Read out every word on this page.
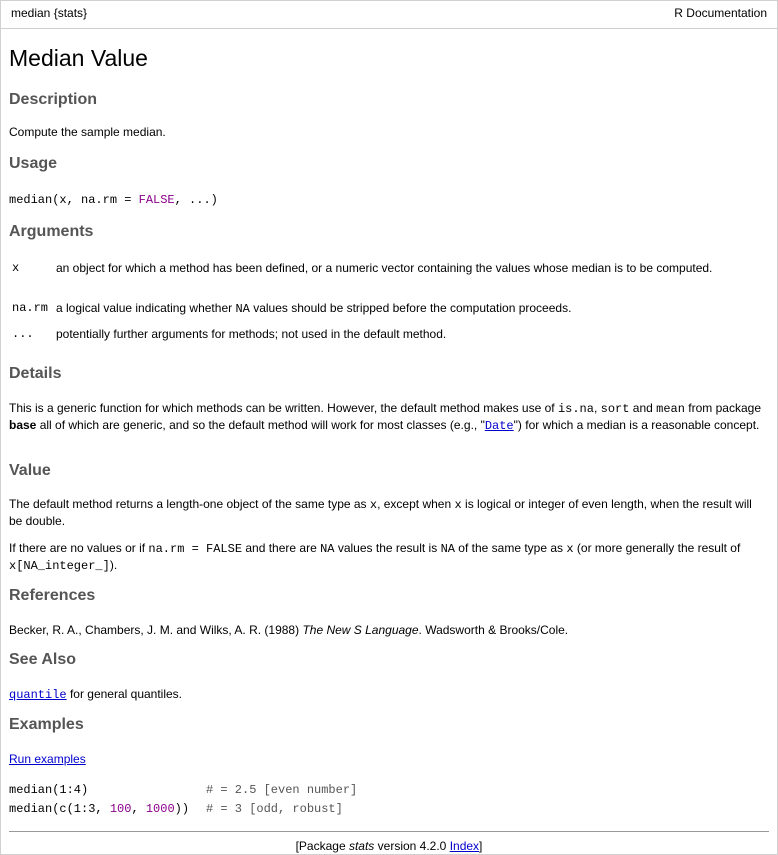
median {stats}	R Documentation
Median Value
Description
Compute the sample median.
Usage
median(x, na.rm = FALSE, ...)
Arguments
x	an object for which a method has been defined, or a numeric vector containing the values whose median is to be computed.
na.rm a logical value indicating whether NA values should be stripped before the computation proceeds.
... potentially further arguments for methods; not used in the default method.
Details
This is a generic function for which methods can be written. However, the default method makes use of is.na, sort and mean from package base all of which are generic, and so the default method will work for most classes (e.g., "Date") for which a median is a reasonable concept.
Value
The default method returns a length-one object of the same type as x, except when x is logical or integer of even length, when the result will be double.
If there are no values or if na.rm = FALSE and there are NA values the result is NA of the same type as x (or more generally the result of x[NA_integer_]).
References
Becker, R. A., Chambers, J. M. and Wilks, A. R. (1988) The New S Language. Wadsworth & Brooks/Cole.
See Also
quantile for general quantiles.
Examples
Run examples
median(1:4)	# = 2.5 [even number]
median(c(1:3, 100, 1000)) # = 3 [odd, robust]
[Package stats version 4.2.0 Index]
